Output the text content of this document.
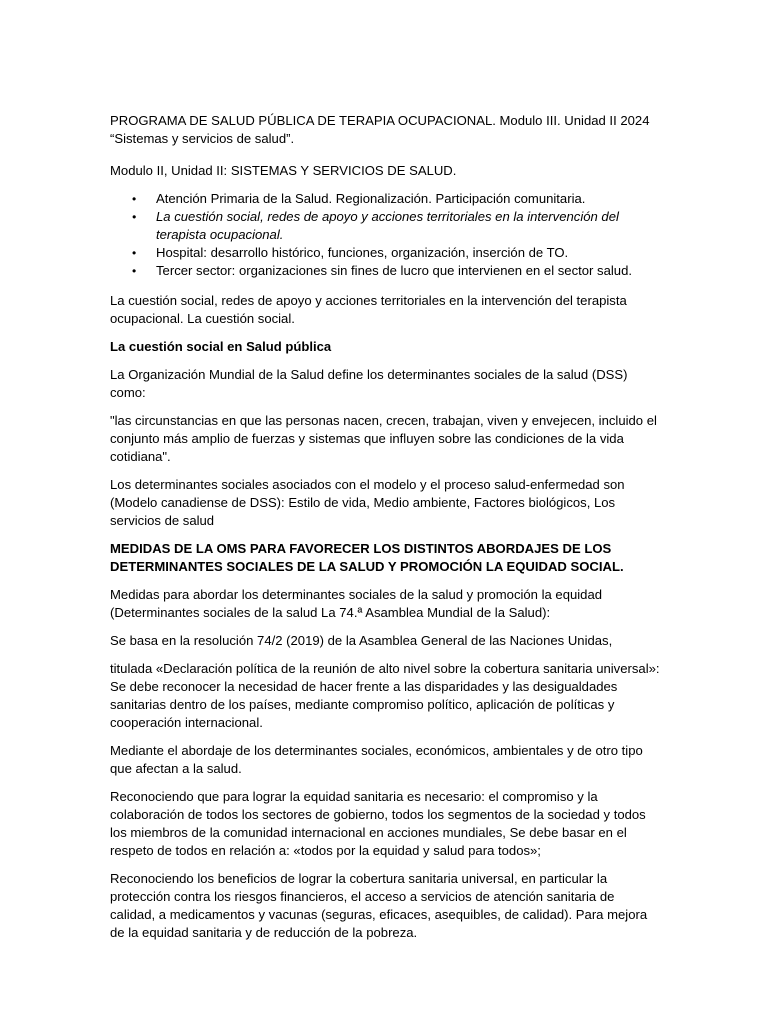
PROGRAMA DE SALUD PÚBLICA DE TERAPIA OCUPACIONAL. Modulo III. Unidad II 2024

“Sistemas y servicios de salud”.

Modulo II, Unidad II: SISTEMAS Y SERVICIOS DE SALUD.

• Atención Primaria de la Salud. Regionalización. Participación comunitaria.
• La cuestión social, redes de apoyo y acciones territoriales en la intervención del terapista ocupacional.
• Hospital: desarrollo histórico, funciones, organización, inserción de TO.
• Tercer sector: organizaciones sin fines de lucro que intervienen en el sector salud.

La cuestión social, redes de apoyo y acciones territoriales en la intervención del terapista ocupacional. La cuestión social.

La cuestión social en Salud pública

La Organización Mundial de la Salud define los determinantes sociales de la salud (DSS) como:

"las circunstancias en que las personas nacen, crecen, trabajan, viven y envejecen, incluido el conjunto más amplio de fuerzas y sistemas que influyen sobre las condiciones de la vida cotidiana".

Los determinantes sociales asociados con el modelo y el proceso salud-enfermedad son (Modelo canadiense de DSS): Estilo de vida, Medio ambiente, Factores biológicos, Los servicios de salud

MEDIDAS DE LA OMS PARA FAVORECER LOS DISTINTOS ABORDAJES DE LOS DETERMINANTES SOCIALES DE LA SALUD Y PROMOCIÓN LA EQUIDAD SOCIAL.

Medidas para abordar los determinantes sociales de la salud y promoción la equidad (Determinantes sociales de la salud La 74.ª Asamblea Mundial de la Salud):

Se basa en la resolución 74/2 (2019) de la Asamblea General de las Naciones Unidas,

titulada «Declaración política de la reunión de alto nivel sobre la cobertura sanitaria universal»: Se debe reconocer la necesidad de hacer frente a las disparidades y las desigualdades sanitarias dentro de los países, mediante compromiso político, aplicación de políticas y cooperación internacional.

Mediante el abordaje de los determinantes sociales, económicos, ambientales y de otro tipo que afectan a la salud.

Reconociendo que para lograr la equidad sanitaria es necesario: el compromiso y la colaboración de todos los sectores de gobierno, todos los segmentos de la sociedad y todos los miembros de la comunidad internacional en acciones mundiales, Se debe basar en el respeto de todos en relación a: «todos por la equidad y salud para todos»;

Reconociendo los beneficios de lograr la cobertura sanitaria universal, en particular la protección contra los riesgos financieros, el acceso a servicios de atención sanitaria de calidad, a medicamentos y vacunas (seguras, eficaces, asequibles, de calidad). Para mejora de la equidad sanitaria y de reducción de la pobreza.
